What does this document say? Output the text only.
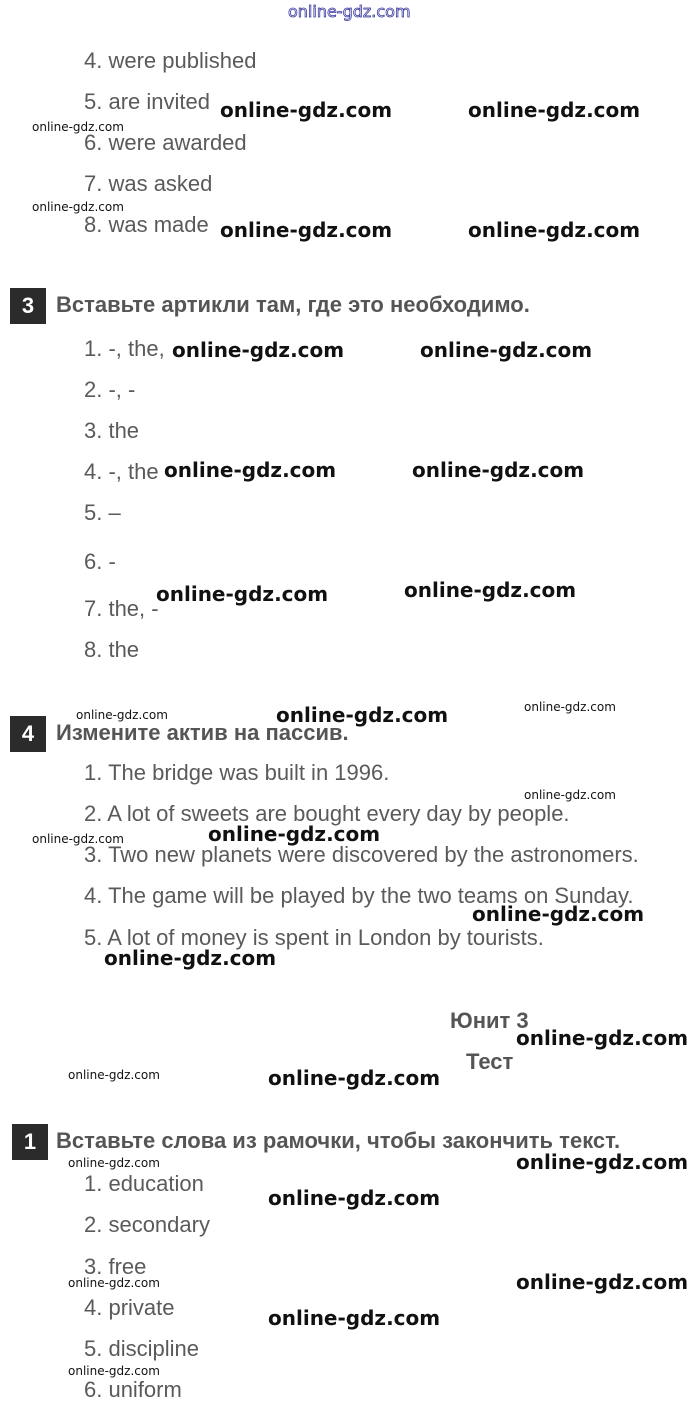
online-gdz.com
4. were published
5. are invited
6. were awarded
7. was asked
8. was made
3 Вставьте артикли там, где это необходимо.
1. -, the,
2. -, -
3. the
4. -, the
5. –
6. -
7. the, -
8. the
4 Измените актив на пассив.
1. The bridge was built in 1996.
2. A lot of sweets are bought every day by people.
3. Two new planets were discovered by the astronomers.
4. The game will be played by the two teams on Sunday.
5. A lot of money is spent in London by tourists.
Юнит 3
Тест
1 Вставьте слова из рамочки, чтобы закончить текст.
1. education
2. secondary
3. free
4. private
5. discipline
6. uniform
online-gdz.com	online-gdz.com
online-gdz.com
online-gdz.com
online-gdz.com	online-gdz.com
online-gdz.com	online-gdz.com
online-gdz.com	online-gdz.com
online-gdz.com	online-gdz.com
online-gdz.com	online-gdz.com	online-gdz.com
online-gdz.com
online-gdz.com	online-gdz.com
online-gdz.com
online-gdz.com
online-gdz.com
online-gdz.com	online-gdz.com
online-gdz.com	online-gdz.com
online-gdz.com
online-gdz.com	online-gdz.com
online-gdz.com
online-gdz.com
